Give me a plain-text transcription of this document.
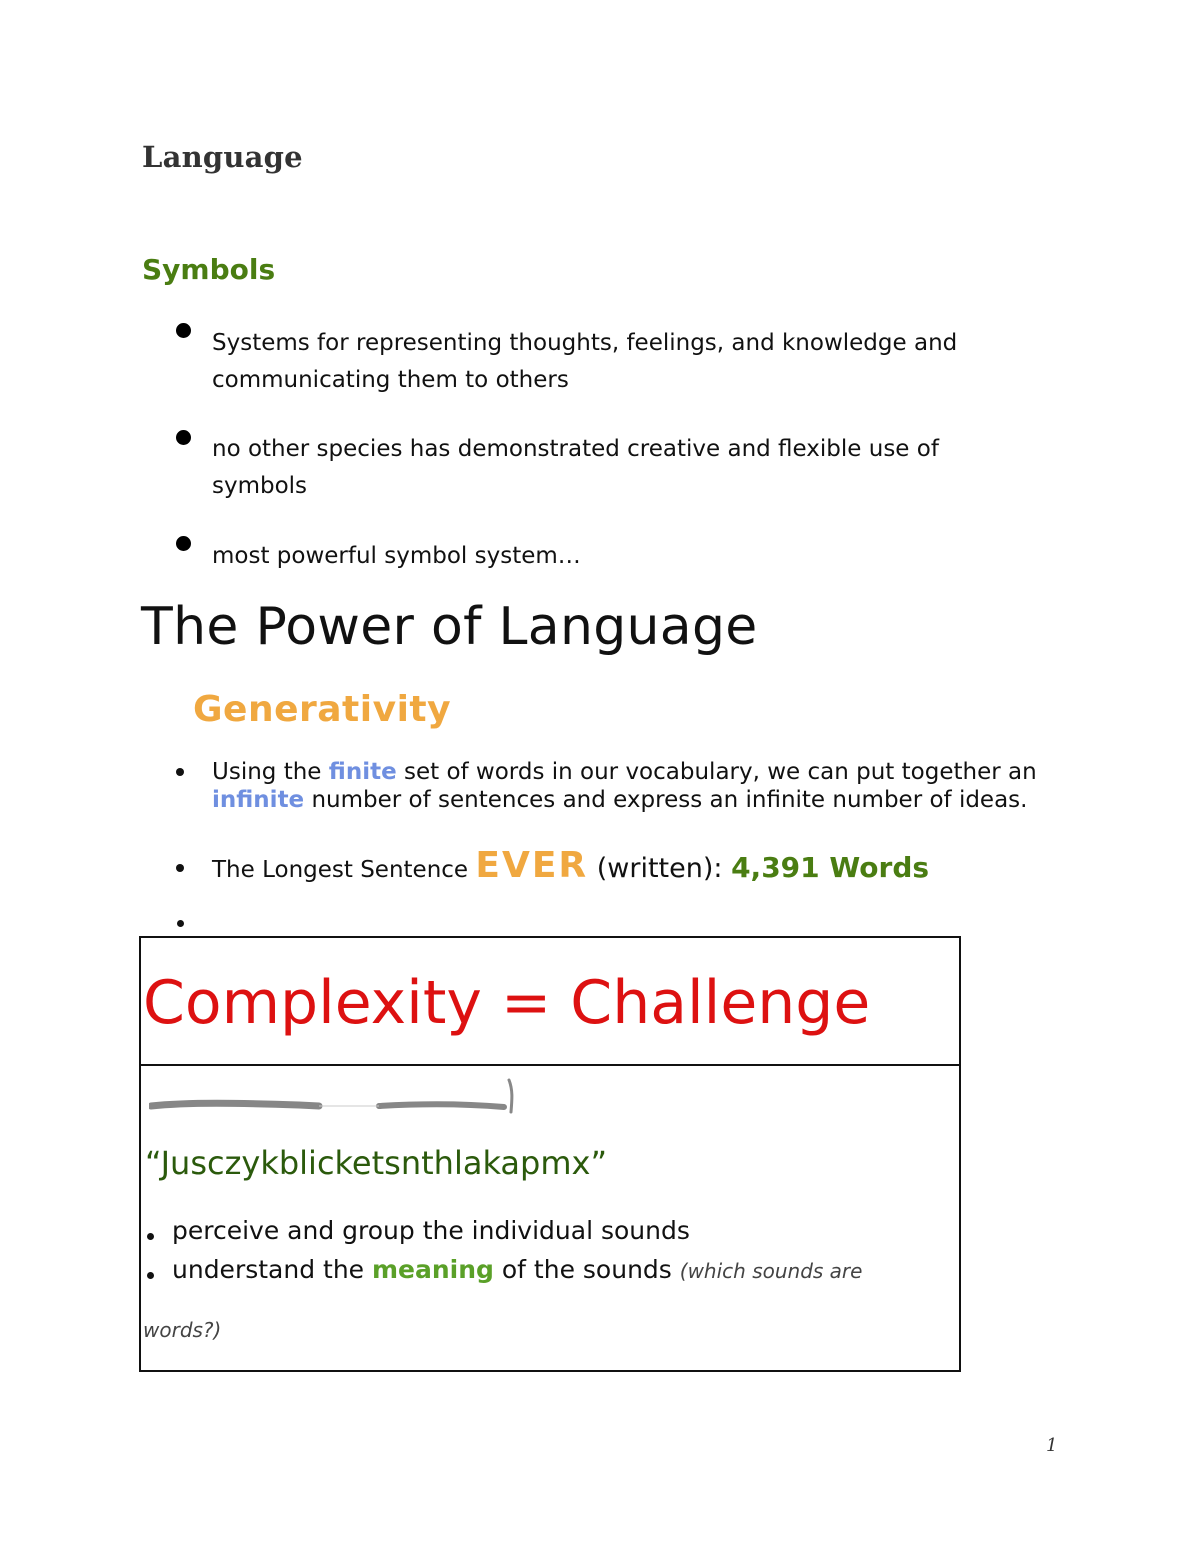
Language
Symbols
Systems for representing thoughts, feelings, and knowledge and
communicating them to others
no other species has demonstrated creative and flexible use of
symbols
most powerful symbol system…
The Power of Language
Generativity
Using the finite set of words in our vocabulary, we can put together an
infinite number of sentences and express an infinite number of ideas.
The Longest Sentence EVER (written): 4,391 Words
Complexity = Challenge
“Jusczykblicketsnthlakapmx”
perceive and group the individual sounds
understand the meaning of the sounds (which sounds are
words?)
1
